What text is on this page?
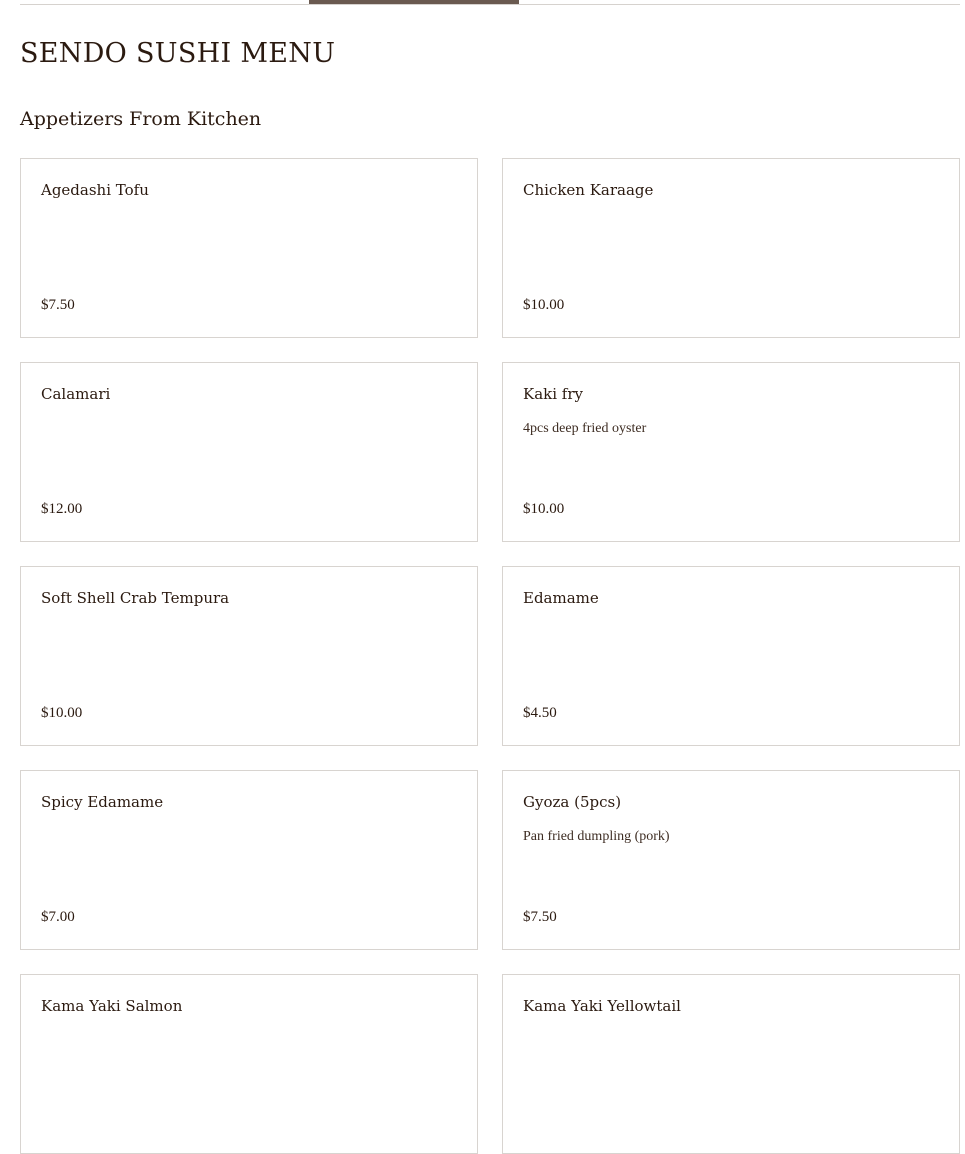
SENDO SUSHI MENU
Appetizers From Kitchen
Agedashi Tofu
$7.50
Chicken Karaage
$10.00
Calamari
$12.00
Kaki fry
4pcs deep fried oyster
$10.00
Soft Shell Crab Tempura
$10.00
Edamame
$4.50
Spicy Edamame
$7.00
Gyoza (5pcs)
Pan fried dumpling (pork)
$7.50
Kama Yaki Salmon	Kama Yaki Yellowtail
